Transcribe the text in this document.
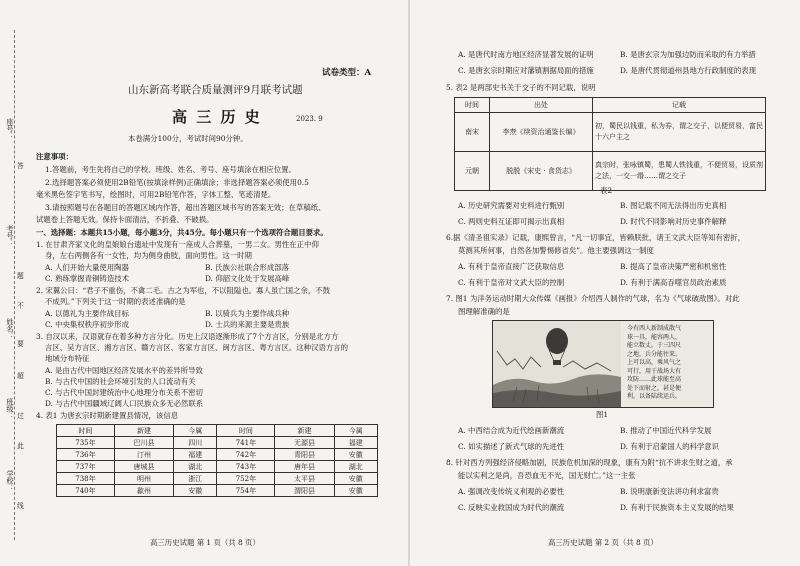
座号：
考号：
姓名：
班级：
学校：
答
题
不
要
超
过
此
线
试卷类型：A
山东新高考联合质量测评9月联考试题
高 三 历 史	2023. 9
本卷满分100分，考试时间90分钟。
注意事项：
1.答题前，考生先将自己的学校、班级、姓名、考号、座号填涂在相应位置。
2.选择题答案必须使用2B铅笔(按填涂样例)正确填涂；非选择题答案必须使用0.5
毫米黑色签字笔书写，绘图时，可用2B铅笔作答，字体工整、笔迹清楚。
3.请按照题号在各题目的答题区域内作答，超出答题区域书写的答案无效；在草稿纸、
试题卷上答题无效。保持卡面清洁，不折叠、不破损。
一、选择题：本题共15小题，每小题3分，共45分。每小题只有一个选项符合题目要求。
1. 在甘肃齐家文化的皇娘娘台遗址中发现有一座成人合葬墓，一男二女。男性在正中仰
身，左右两侧各有一女性，均为侧身曲肢，面向男性。这一时期
A. 人们开始大量使用陶器	B. 氏族公社联合形成部落
C. 熟练掌握青铜铸造技术	D. 仰韶文化处于发展高峰
2. 宋翼公曰：“君子不重伤，不禽二毛。古之为军也，不以阻隘也。寡人虽亡国之余，不鼓
不成列。”下列关于这一时期的表述准确的是
A. 以德礼为主要作战目标	B. 以骑兵为主要作战兵种
C. 中央集权秩序初步形成	D. 士兵的来源主要是贵族
3. 自汉以来，汉语就存在着多种方言分化。历史上汉语逐渐形成了7个方言区，分别是北方方
言区、吴方言区、湘方言区、赣方言区、客家方言区、闽方言区、粤方言区。这种汉语方言的
地域分布特征
A. 是由古代中国地区经济发展水平的差异所导致
B. 与古代中国的社会环境引发的人口流动有关
C. 与古代中国封建统治中心地理分布关系不密切
D. 与古代中国疆域辽阔人口民族众多无必然联系
4. 表1 为唐玄宗时期新建置县情况，该信息
时间	新建	今属	时间	新建	今属
735年	巴川县	四川	741年	无源县	福建
736年	汀州	福建	742年	青阳县	安徽
737年	唐城县	湖北	743年	唐年县	湖北
738年	明州	浙江	752年	太平县	安徽
740年	歙州	安徽	754年	渭阳县	安徽
高三历史试题 第 1 页（共 8 页）
A. 是唐代时南方地区经济显著发展的证明	B. 是唐玄宗为加强边防而采取的有力举措
C. 是唐玄宗时期应对藩镇割据局面的措施	D. 是唐代贯彻道州县地方行政制度的表现
5. 表2 是两部史书关于交子的不同记载，说明
时间	出处	记载
南宋	李焘《续资治通鉴长编》	初，蜀民以钱重，私为券，谓之交子，以便贸易，富民十六户主之
元朝	脱脱《宋史 · 食货志》	真宗时，张咏镇蜀，患蜀人铁钱重，不便贸易，设质剂之法，一交一缗……谓之交子
表2
A. 历史研究需要对史料进行甄别	B. 图记载不同无法得出历史真相
C. 两则史料互证即可揭示出真相	D. 时代不同影响对历史事件解释
6.据《清圣祖实录》记载，康熙曾言，“凡一切事宜，皆赖朕批，诸王文武大臣等知有密折，
莫测其所何事，自然各加警惕修省矣”。他主要强调这一制度
A. 有利于皇帝直接广泛获取信息	B. 提高了皇帝决策严密和机密性
C. 有利于皇帝对文武大臣的控制	D. 有利于满高吞噬官员政治素质
7. 图1 为洋务运动时期大众传媒《画报》介绍西人制作的气球，名为《气球破敌图》。对此
图理解准确的是
今有西人新制成散气
球一具，能容两人，
能立数丈。于三四尺
之地，兵分能往来。
上可以高，乘风气之
可行，用于战场大有
攻防……此球能至高
处下而射之，甚是便
利，以备陆续运兵。
图1
A. 中西结合成为近代绘画新潮流	B. 推动了中国近代科学发展
C. 如实描述了新式气球的先进性	D. 有利于启蒙国人的科学意识
8. 针对西方列强经济侵略加剧，民族危机加深的现象，康有为附“抗不讲求生财之道，承
能以实利之是尚，吾恐血无不光，国无财亡。”这一主张
A. 强调改变传统义利观的必要性	B. 说明康新变法讲功利求富贵
C. 反映实业救国成为时代的潮流	D. 有利于民族资本主义发展的结果
高三历史试题 第 2 页（共 8 页）
